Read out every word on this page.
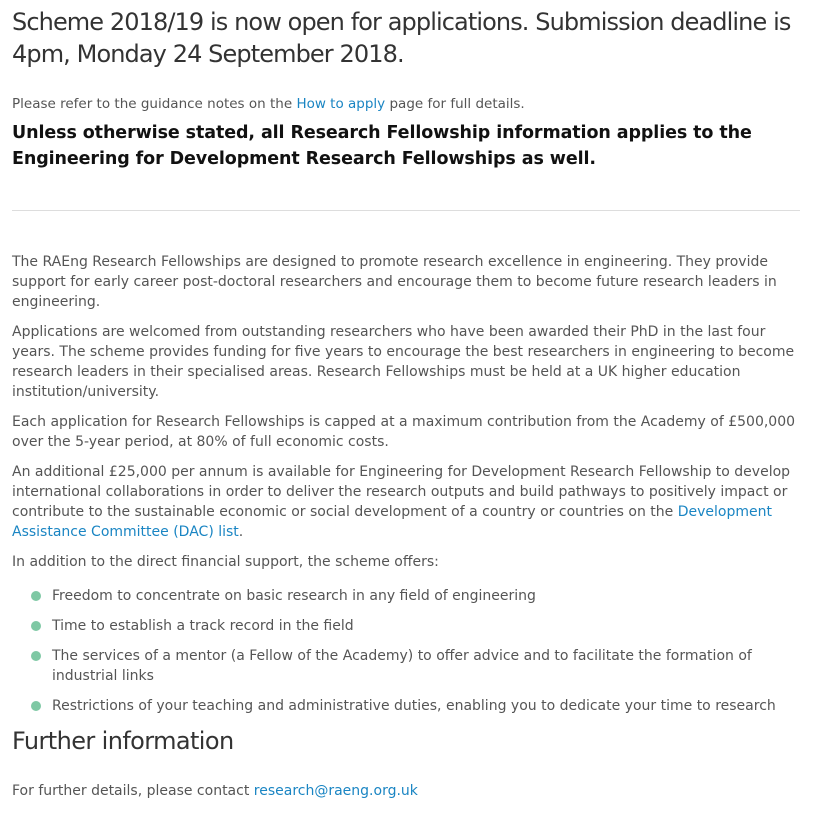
Scheme 2018/19 is now open for applications. Submission deadline is 4pm, Monday 24 September 2018.

Please refer to the guidance notes on the How to apply page for full details.

Unless otherwise stated, all Research Fellowship information applies to the Engineering for Development Research Fellowships as well.

The RAEng Research Fellowships are designed to promote research excellence in engineering. They provide support for early career post-doctoral researchers and encourage them to become future research leaders in engineering.

Applications are welcomed from outstanding researchers who have been awarded their PhD in the last four years. The scheme provides funding for five years to encourage the best researchers in engineering to become research leaders in their specialised areas. Research Fellowships must be held at a UK higher education institution/university.

Each application for Research Fellowships is capped at a maximum contribution from the Academy of £500,000 over the 5-year period, at 80% of full economic costs.

An additional £25,000 per annum is available for Engineering for Development Research Fellowship to develop international collaborations in order to deliver the research outputs and build pathways to positively impact or contribute to the sustainable economic or social development of a country or countries on the Development Assistance Committee (DAC) list.

In addition to the direct financial support, the scheme offers:

Freedom to concentrate on basic research in any field of engineering
Time to establish a track record in the field
The services of a mentor (a Fellow of the Academy) to offer advice and to facilitate the formation of industrial links
Restrictions of your teaching and administrative duties, enabling you to dedicate your time to research
Further information

For further details, please contact research@raeng.org.uk
